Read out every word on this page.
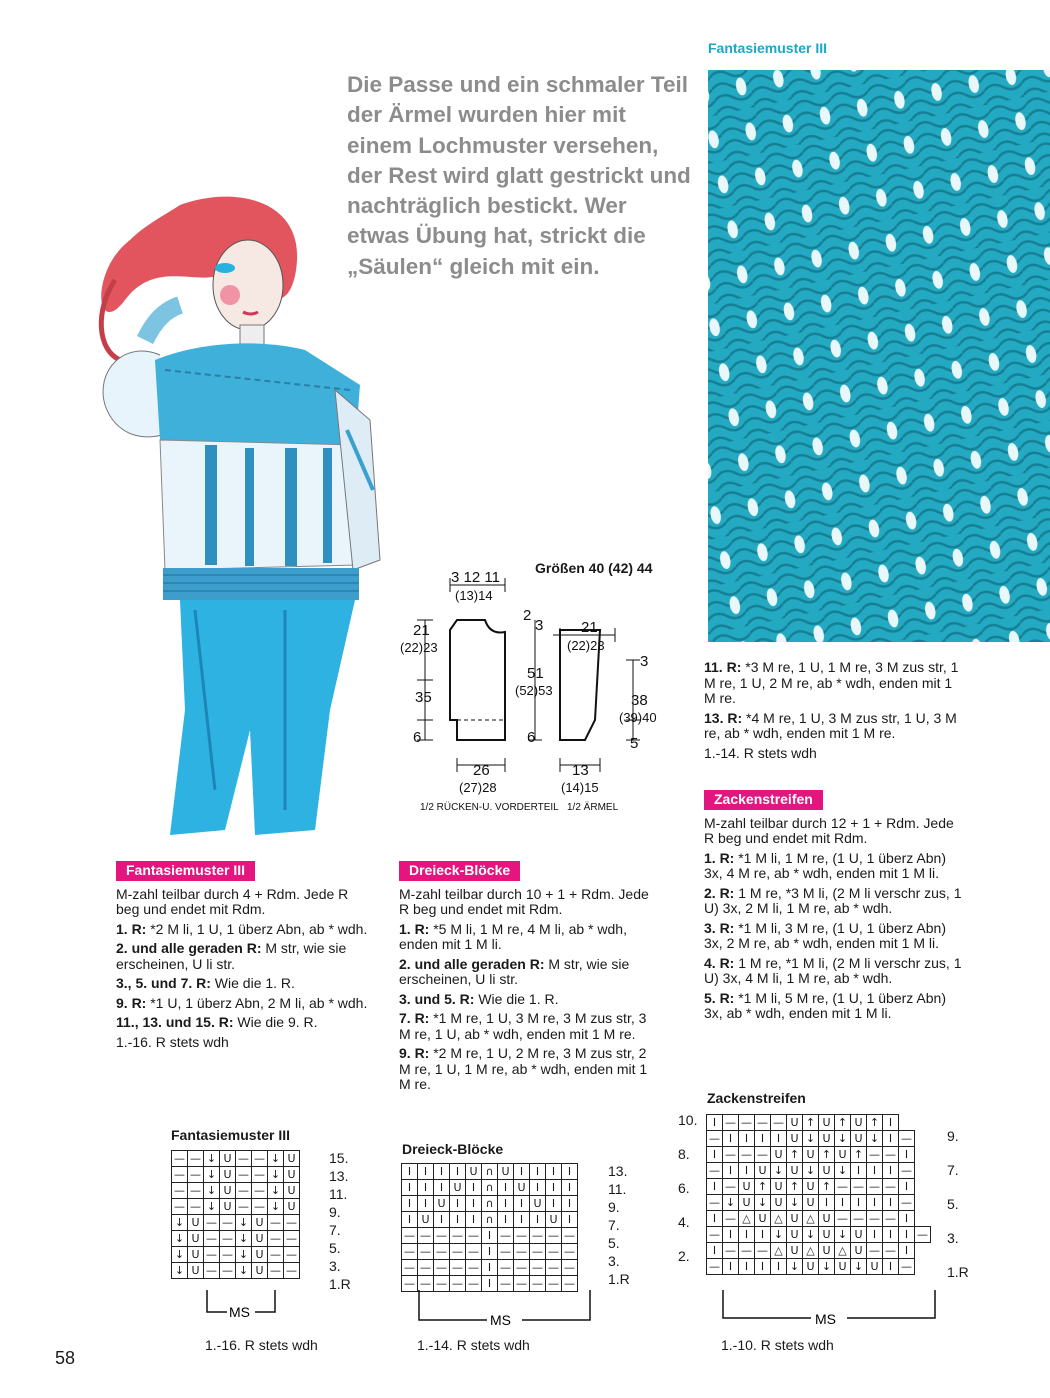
Die Passe und ein schmaler Teil der Ärmel wurden hier mit einem Lochmuster versehen, der Rest wird glatt gestrickt und nachträglich bestickt. Wer etwas Übung hat, strickt die „Säulen“ gleich mit ein.
Fantasiemuster III
Größen 40 (42) 44
3 12 11
(13)14
21
(22)23
35
6
2
3
51
(52)53
6
26
(27)28
21
(22)23
3
38
(39)40
5
13
(14)15
1/2 RÜCKEN-U. VORDERTEIL 1/2 ÄRMEL
Fantasiemuster III

M-zahl teilbar durch 4 + Rdm. Jede R beg und endet mit Rdm.

1. R: *2 M li, 1 U, 1 überz Abn, ab * wdh.

2. und alle geraden R: M str, wie sie erscheinen, U li str.

3., 5. und 7. R: Wie die 1. R.

9. R: *1 U, 1 überz Abn, 2 M li, ab * wdh.

11., 13. und 15. R: Wie die 9. R.

1.-16. R stets wdh

Dreieck-Blöcke

M-zahl teilbar durch 10 + 1 + Rdm. Jede R beg und endet mit Rdm.

1. R: *5 M li, 1 M re, 4 M li, ab * wdh, enden mit 1 M li.

2. und alle geraden R: M str, wie sie erscheinen, U li str.

3. und 5. R: Wie die 1. R.

7. R: *1 M re, 1 U, 3 M re, 3 M zus str, 3 M re, 1 U, ab * wdh, enden mit 1 M re.

9. R: *2 M re, 1 U, 2 M re, 3 M zus str, 2 M re, 1 U, 1 M re, ab * wdh, enden mit 1 M re.

11. R: *3 M re, 1 U, 1 M re, 3 M zus str, 1 M re, 1 U, 2 M re, ab * wdh, enden mit 1 M re.

13. R: *4 M re, 1 U, 3 M zus str, 1 U, 3 M re, ab * wdh, enden mit 1 M re.

1.-14. R stets wdh

Zackenstreifen

M-zahl teilbar durch 12 + 1 + Rdm. Jede R beg und endet mit Rdm.

1. R: *1 M li, 1 M re, (1 U, 1 überz Abn) 3x, 4 M re, ab * wdh, enden mit 1 M li.

2. R: 1 M re, *3 M li, (2 M li verschr zus, 1 U) 3x, 2 M li, 1 M re, ab * wdh.

3. R: *1 M li, 3 M re, (1 U, 1 überz Abn) 3x, 2 M re, ab * wdh, enden mit 1 M li.

4. R: 1 M re, *1 M li, (2 M li verschr zus, 1 U) 3x, 4 M li, 1 M re, ab * wdh.

5. R: *1 M li, 5 M re, (1 U, 1 überz Abn) 3x, ab * wdh, enden mit 1 M li.

Fantasiemuster III
—	—	↓	U	—	—	↓	U
—	—	↓	U	—	—	↓	U
—	—	↓	U	—	—	↓	U
—	—	↓	U	—	—	↓	U
↓	U	—	—	↓	U	—	—
↓	U	—	—	↓	U	—	—
↓	U	—	—	↓	U	—	—
↓	U	—	—	↓	U	—	—
15.
13.
11.
9.
7.
5.
3.
1.R
Dreieck-Blöcke
I	I	I	I	U	∩	U	I	I	I	I
I	I	I	U	I	∩	I	U	I	I	I
I	I	U	I	I	∩	I	I	U	I	I
I	U	I	I	I	∩	I	I	I	U	I
—	—	—	—	—	I	—	—	—	—	—
—	—	—	—	—	I	—	—	—	—	—
—	—	—	—	—	I	—	—	—	—	—
—	—	—	—	—	I	—	—	—	—	—
13.
11.
9.
7.
5.
3.
1.R
Zackenstreifen
I	—	—	—	—	U	↑	U	↑	U	↑	I		
—	I	I	I	I	U	↓	U	↓	U	↓	I	—	
I	—	—	—	U	↑	U	↑	U	↑	—	—	I	
—	I	I	U	↓	U	↓	U	↓	I	I	I	—	
I	—	U	↑	U	↑	U	↑	—	—	—	—	I	
—	↓	U	↓	U	↓	U	I	I	I	I	I	—	
I	—	△	U	△	U	△	U	—	—	—	—	I	
—	I	I	I	↓	U	↓	U	↓	U	I	I	I	—
I	—	—	—	△	U	△	U	△	U	—	—	I	
—	I	I	I	I	↓	U	↓	U	↓	U	I	—	
10.
8.
6.
4.
2.
9.
7.
5.
3.
1.R
MS
1.-16. R stets wdh
MS
1.-14. R stets wdh
MS
1.-10. R stets wdh
58
